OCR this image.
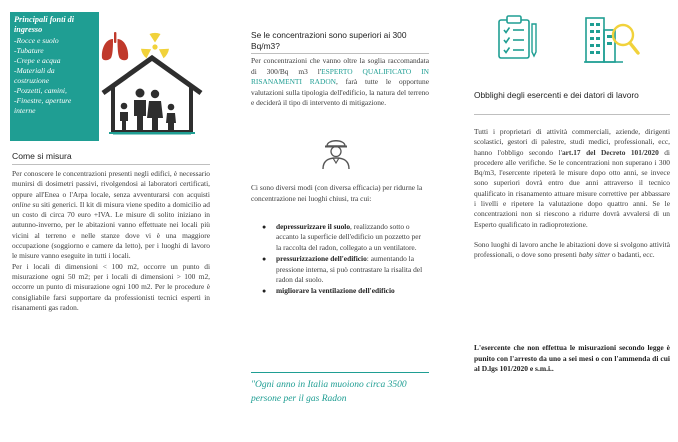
Principali fonti di ingresso
-Rocce e suolo
-Tubature
-Crepe e acqua
-Materiali da
costruzione
-Pozzetti, camini,
-Finestre, aperture
interne
Come si misura

Per conoscere le concentrazioni presenti negli edifici, è necessario munirsi di dosimetri passivi, rivolgendosi ai laboratori certificati, oppure all'Enea o l'Arpa locale, senza avventurarsi con acquisti online su siti generici. Il kit di misura viene spedito a domicilio ad un costo di circa 70 euro +IVA. Le misure di solito iniziano in autunno-inverno, per le abitazioni vanno effettuate nei locali più vicini al terreno e nelle stanze dove vi è una maggiore occupazione (soggiorno e camere da letto), per i luoghi di lavoro le misure vanno eseguite in tutti i locali.

Per i locali di dimensioni < 100 m2, occorre un punto di misurazione ogni 50 m2; per i locali di dimensioni > 100 m2, occorre un punto di misurazione ogni 100 m2. Per le procedure è consigliabile farsi supportare da professionisti tecnici esperti in risanamenti gas radon.

Se le concentrazioni sono superiori ai 300 Bq/m3?
Per concentrazioni che vanno oltre la soglia raccomandata di 300/Bq m3 l'ESPERTO QUALIFICATO IN RISANAMENTI RADON, farà tutte le opportune valutazioni sulla tipologia dell'edificio, la natura del terreno e deciderà il tipo di intervento di mitigazione.
Ci sono diversi modi (con diversa efficacia) per ridurne la concentrazione nei luoghi chiusi, tra cui:
● depressurizzare il suolo, realizzando sotto o accanto la superficie dell'edificio un pozzetto per la raccolta del radon, collegato a un ventilatore.
● pressurizzazione dell'edificio: aumentando la pressione interna, si può contrastare la risalita del radon dal suolo.
● migliorare la ventilazione dell'edificio
"Ogni anno in Italia muoiono circa 3500 persone per il gas Radon
Obblighi degli esercenti e dei datori di lavoro

Tutti i proprietari di attività commerciali, aziende, dirigenti scolastici, gestori di palestre, studi medici, professionali, ecc, hanno l'obbligo secondo l'art.17 del Decreto 101/2020 di procedere alle verifiche. Se le concentrazioni non superano i 300 Bq/m3, l'esercente ripeterà le misure dopo otto anni, se invece sono superiori dovrà entro due anni attraverso il tecnico qualificato in risanamento attuare misure correttive per abbassare i livelli e ripetere la valutazione dopo quattro anni. Se le concentrazioni non si riescono a ridurre dovrà avvalersi di un Esperto qualificato in radioprotezione.

Sono luoghi di lavoro anche le abitazioni dove si svolgono attività professionali, o dove sono presenti baby sitter o badanti, ecc.

L'esercente che non effettua le misurazioni secondo legge è punito con l'arresto da uno a sei mesi o con l'ammenda di cui al D.lgs 101/2020 e s.m.i..
